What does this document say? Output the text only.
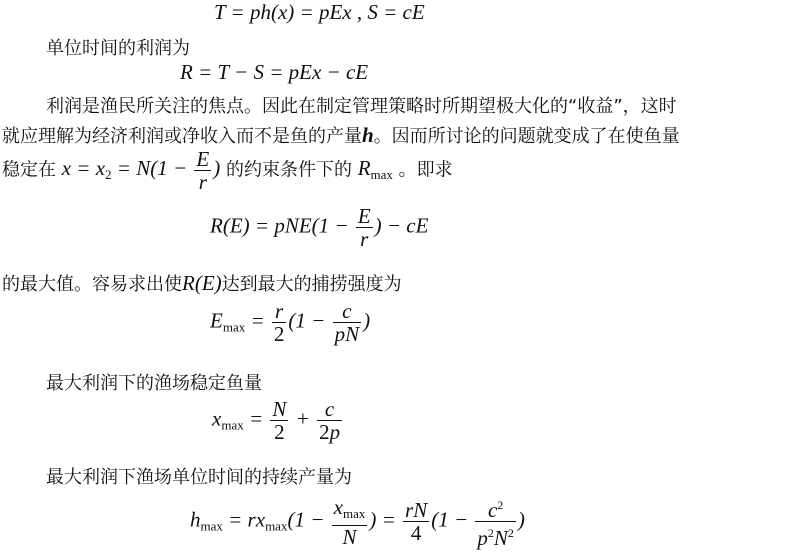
T = ph(x) = pEx , S = cE
单位时间的利润为
R = T − S = pEx − cE
利润是渔民所关注的焦点。因此在制定管理策略时所期望极大化的“收益”，这时
就应理解为经济利润或净收入而不是鱼的产量h。因而所讨论的问题就变成了在使鱼量
稳定在 $x = x_2 = N(1 - \frac{E}{r}$ ) 的约束条件下的 $R_{max}$ 。即求
$R(E) = pNE(1 - \frac{E}{r}$ ) − cE
的最大值。容易求出使R(E)达到最大的捕捞强度为
$E_{max} = \frac{r}{2} (1 - \frac{c}{pN}$ )
最大利润下的渔场稳定鱼量
$x_{max} = \frac{N}{2} + \frac{c}{2p}$
最大利润下渔场单位时间的持续产量为
$h_{max} = rx_{max}(1 - \frac{x_{max}}{N}$ ) = $\frac{rN}{4} (1 - \frac{c^2}{p^2N^2}$ )
